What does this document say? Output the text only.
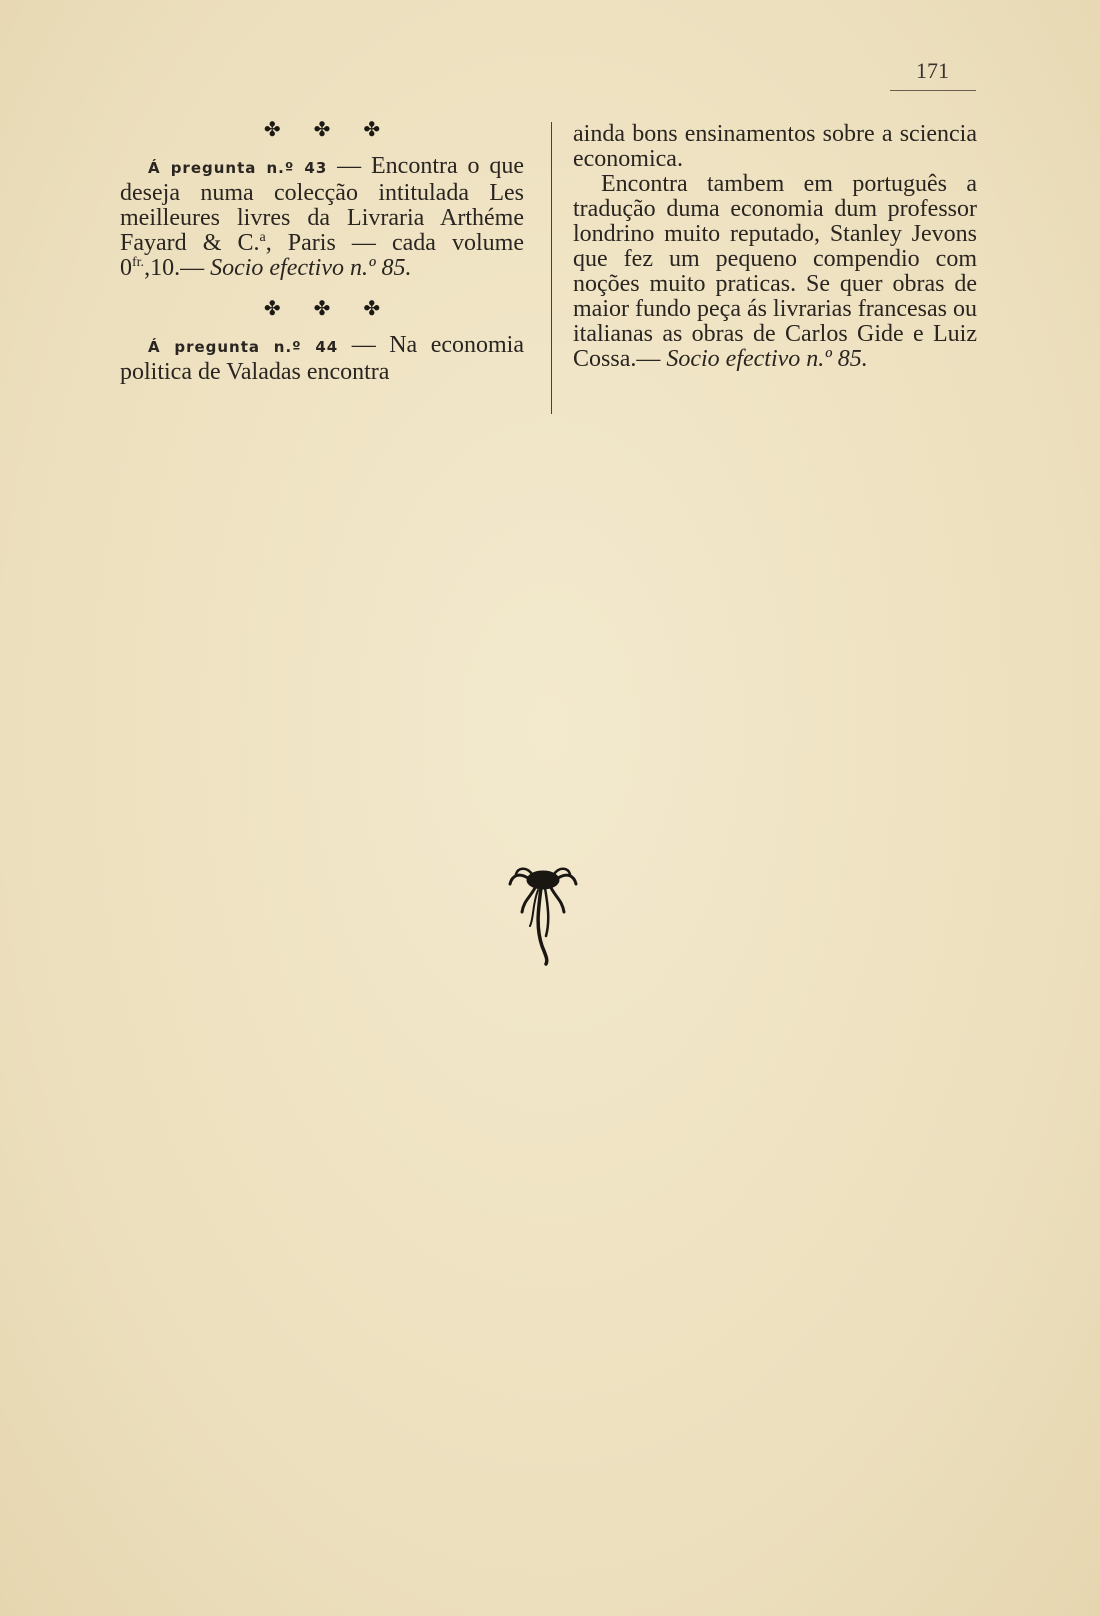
171
✤ ✤ ✤

Á pregunta n.º 43 — Encontra o que deseja numa colecção intitulada Les meilleures livres da Livraria Arthéme Fayard & C.$^a$, Paris — cada volume $0^{fr.},10.—$ Socio efectivo n.º 85.

✤ ✤ ✤

Á pregunta n.º 44 — Na economia politica de Valadas encontra

ainda bons ensinamentos sobre a sciencia economica.

Encontra tambem em português a tradução duma economia dum professor londrino muito reputado, Stanley Jevons que fez um pequeno compendio com noções muito praticas. Se quer obras de maior fundo peça ás livrarias francesas ou italianas as obras de Carlos Gide e Luiz Cossa.— Socio efectivo n.º 85.
